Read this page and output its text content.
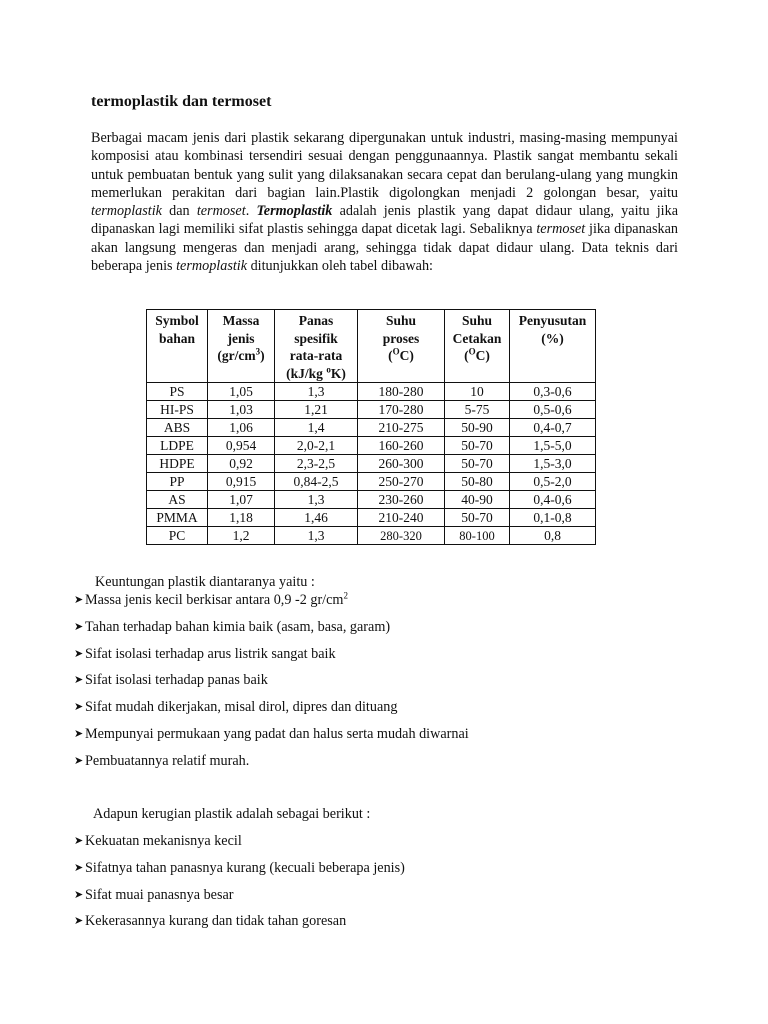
termoplastik dan termoset

Berbagai macam jenis dari plastik sekarang dipergunakan untuk industri, masing-masing mempunyai komposisi atau kombinasi tersendiri sesuai dengan penggunaannya. Plastik sangat membantu sekali untuk pembuatan bentuk yang sulit yang dilaksanakan secara cepat dan berulang-ulang yang mungkin memerlukan perakitan dari bagian lain.Plastik digolongkan menjadi 2 golongan besar, yaitu termoplastik dan termoset. Termoplastik adalah jenis plastik yang dapat didaur ulang, yaitu jika dipanaskan lagi memiliki sifat plastis sehingga dapat dicetak lagi. Sebaliknya termoset jika dipanaskan akan langsung mengeras dan menjadi arang, sehingga tidak dapat didaur ulang. Data teknis dari beberapa jenis termoplastik ditunjukkan oleh tabel dibawah:

Symbol
bahan	Massa
jenis
$(gr/cm^3)$	Panas
spesifik
rata-rata
(kJ/kg $^o$K)	Suhu
proses
($^O$C)	Suhu
Cetakan
($^O$C)	Penyusutan
(%)
PS	1,05	1,3	180-280	10	0,3-0,6
HI-PS	1,03	1,21	170-280	5-75	0,5-0,6
ABS	1,06	1,4	210-275	50-90	0,4-0,7
LDPE	0,954	2,0-2,1	160-260	50-70	1,5-5,0
HDPE	0,92	2,3-2,5	260-300	50-70	1,5-3,0
PP	0,915	0,84-2,5	250-270	50-80	0,5-2,0
AS	1,07	1,3	230-260	40-90	0,4-0,6
PMMA	1,18	1,46	210-240	50-70	0,1-0,8
PC	1,2	1,3	280-320	80-100	0,8

Keuntungan plastik diantaranya yaitu :

➤ Massa jenis kecil berkisar antara 0,9 -2 $gr/cm^2$
➤ Tahan terhadap bahan kimia baik (asam, basa, garam)
➤ Sifat isolasi terhadap arus listrik sangat baik
➤ Sifat isolasi terhadap panas baik
➤ Sifat mudah dikerjakan, misal dirol, dipres dan dituang
➤ Mempunyai permukaan yang padat dan halus serta mudah diwarnai
➤ Pembuatannya relatif murah.

Adapun kerugian plastik adalah sebagai berikut :

➤ Kekuatan mekanisnya kecil
➤ Sifatnya tahan panasnya kurang (kecuali beberapa jenis)
➤ Sifat muai panasnya besar
➤ Kekerasannya kurang dan tidak tahan goresan
